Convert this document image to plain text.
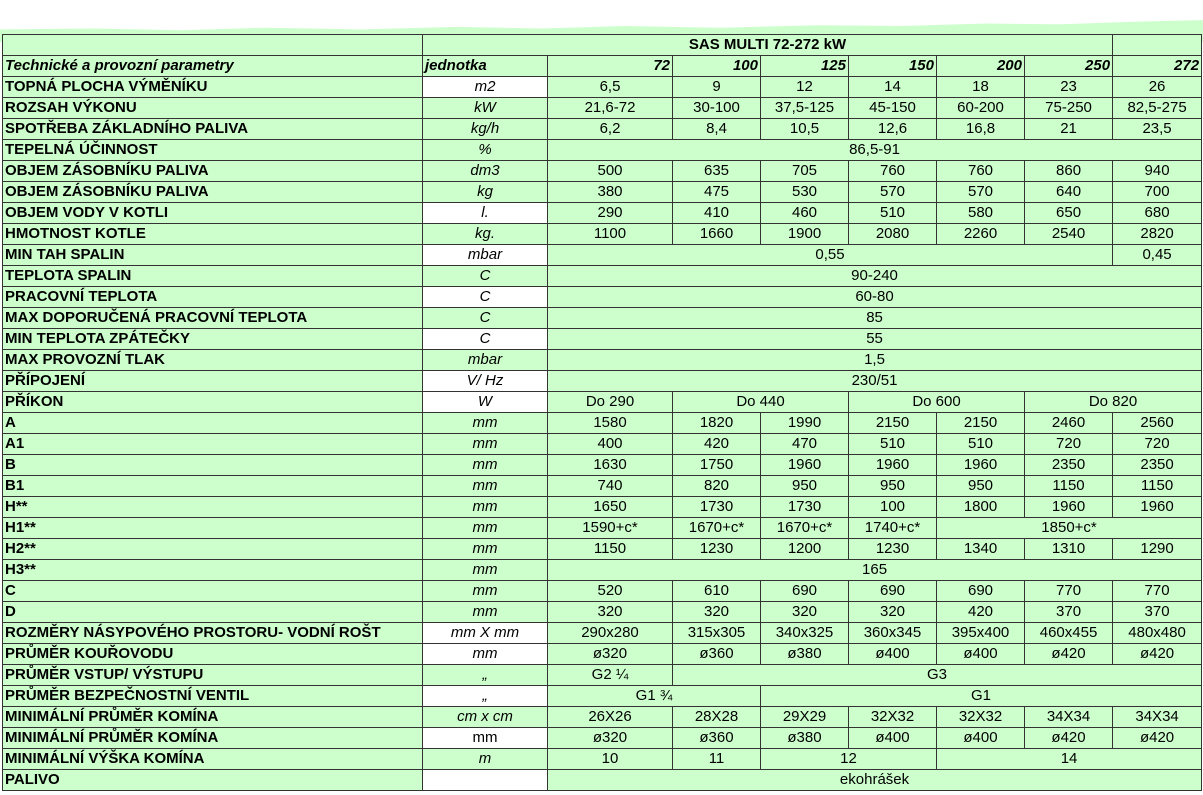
	SAS MULTI 72-272 kW							
Technické a provozní parametry	jednotka	72	100	125	150	200	250	272
TOPNÁ PLOCHA VÝMĚNÍKU	m2	6,5	9	12	14	18	23	26
ROZSAH VÝKONU	kW	21,6-72	30-100	37,5-125	45-150	60-200	75-250	82,5-275
SPOTŘEBA ZÁKLADNÍHO PALIVA	kg/h	6,2	8,4	10,5	12,6	16,8	21	23,5
TEPELNÁ ÚČINNOST	%	86,5-91						
OBJEM ZÁSOBNÍKU PALIVA	dm3	500	635	705	760	760	860	940
OBJEM ZÁSOBNÍKU PALIVA	kg	380	475	530	570	570	640	700
OBJEM VODY V KOTLI	l.	290	410	460	510	580	650	680
HMOTNOST KOTLE	kg.	1100	1660	1900	2080	2260	2540	2820
MIN TAH SPALIN	mbar	0,55						0,45
TEPLOTA SPALIN	C	90-240						
PRACOVNÍ TEPLOTA	C	60-80						
MAX DOPORUČENÁ PRACOVNÍ TEPLOTA	C	85						
MIN TEPLOTA ZPÁTEČKY	C	55						
MAX PROVOZNÍ TLAK	mbar	1,5						
PŘÍPOJENÍ	V/ Hz	230/51						
PŘÍKON	W	Do 290	Do 440		Do 600		Do 820	
A	mm	1580	1820	1990	2150	2150	2460	2560
A1	mm	400	420	470	510	510	720	720
B	mm	1630	1750	1960	1960	1960	2350	2350
B1	mm	740	820	950	950	950	1150	1150
H**	mm	1650	1730	1730	100	1800	1960	1960
H1**	mm	1590+c*	1670+c*	1670+c*	1740+c*	1850+c*		
H2**	mm	1150	1230	1200	1230	1340	1310	1290
H3**	mm	165						
C	mm	520	610	690	690	690	770	770
D	mm	320	320	320	320	420	370	370
ROZMĚRY NÁSYPOVÉHO PROSTORU- VODNÍ ROŠT	mm X mm	290x280	315x305	340x325	360x345	395x400	460x455	480x480
PRŮMĚR KOUŘOVODU	mm	ø320	ø360	ø380	ø400	ø400	ø420	ø420
PRŮMĚR VSTUP/ VÝSTUPU	„	G2 ¼	G3					
PRŮMĚR BEZPEČNOSTNÍ VENTIL	„	G1 ¾		G1				
MINIMÁLNÍ PRŮMĚR KOMÍNA	cm x cm	26X26	28X28	29X29	32X32	32X32	34X34	34X34
MINIMÁLNÍ PRŮMĚR KOMÍNA	mm	ø320	ø360	ø380	ø400	ø400	ø420	ø420
MINIMÁLNÍ VÝŠKA KOMÍNA	m	10	11	12		14		
PALIVO		ekohrášek						
